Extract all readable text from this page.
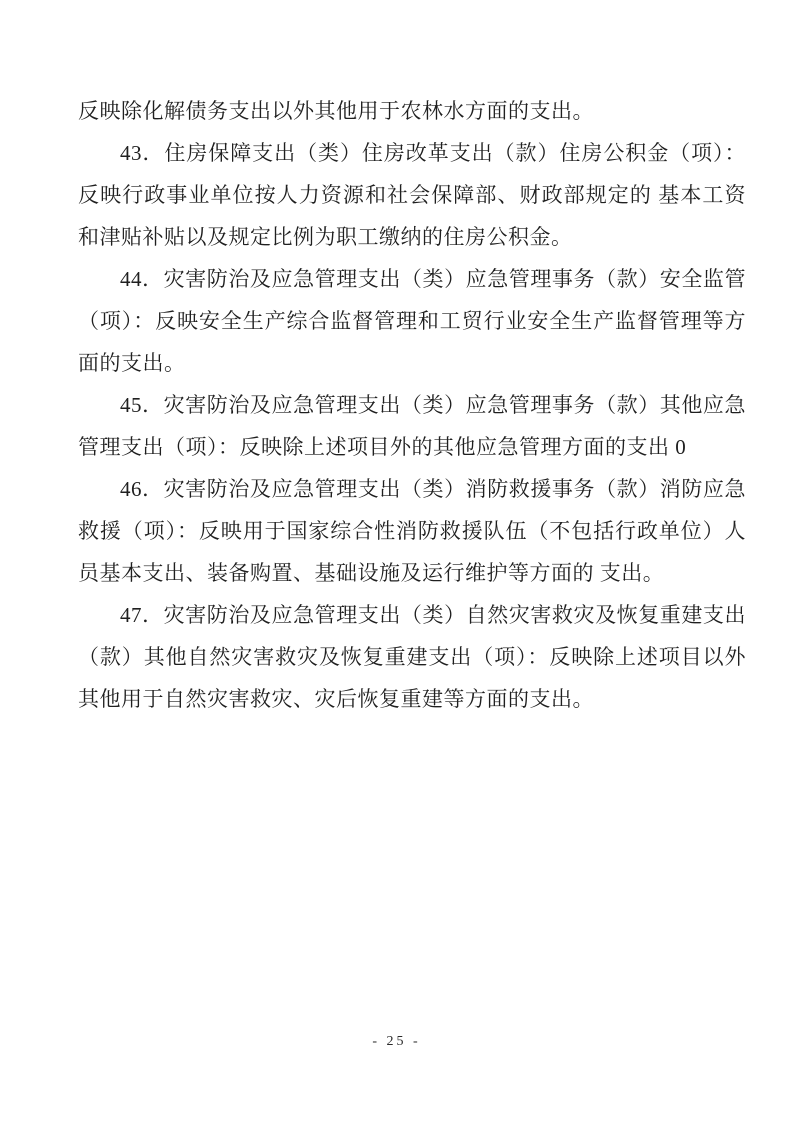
反映除化解债务支出以外其他用于农林水方面的支出。

43．住房保障支出（类）住房改革支出（款）住房公积金（项）：反映行政事业单位按人力资源和社会保障部、财政部规定的 基本工资和津贴补贴以及规定比例为职工缴纳的住房公积金。

44．灾害防治及应急管理支出（类）应急管理事务（款）安全监管（项）：反映安全生产综合监督管理和工贸行业安全生产监督管理等方面的支出。

45．灾害防治及应急管理支出（类）应急管理事务（款）其他应急管理支出（项）：反映除上述项目外的其他应急管理方面的支出 0

46．灾害防治及应急管理支出（类）消防救援事务（款）消防应急救援（项）：反映用于国家综合性消防救援队伍（不包括行政单位）人员基本支出、装备购置、基础设施及运行维护等方面的 支出。

47．灾害防治及应急管理支出（类）自然灾害救灾及恢复重建支出（款）其他自然灾害救灾及恢复重建支出（项）：反映除上述项目以外其他用于自然灾害救灾、灾后恢复重建等方面的支出。

- 25 -
